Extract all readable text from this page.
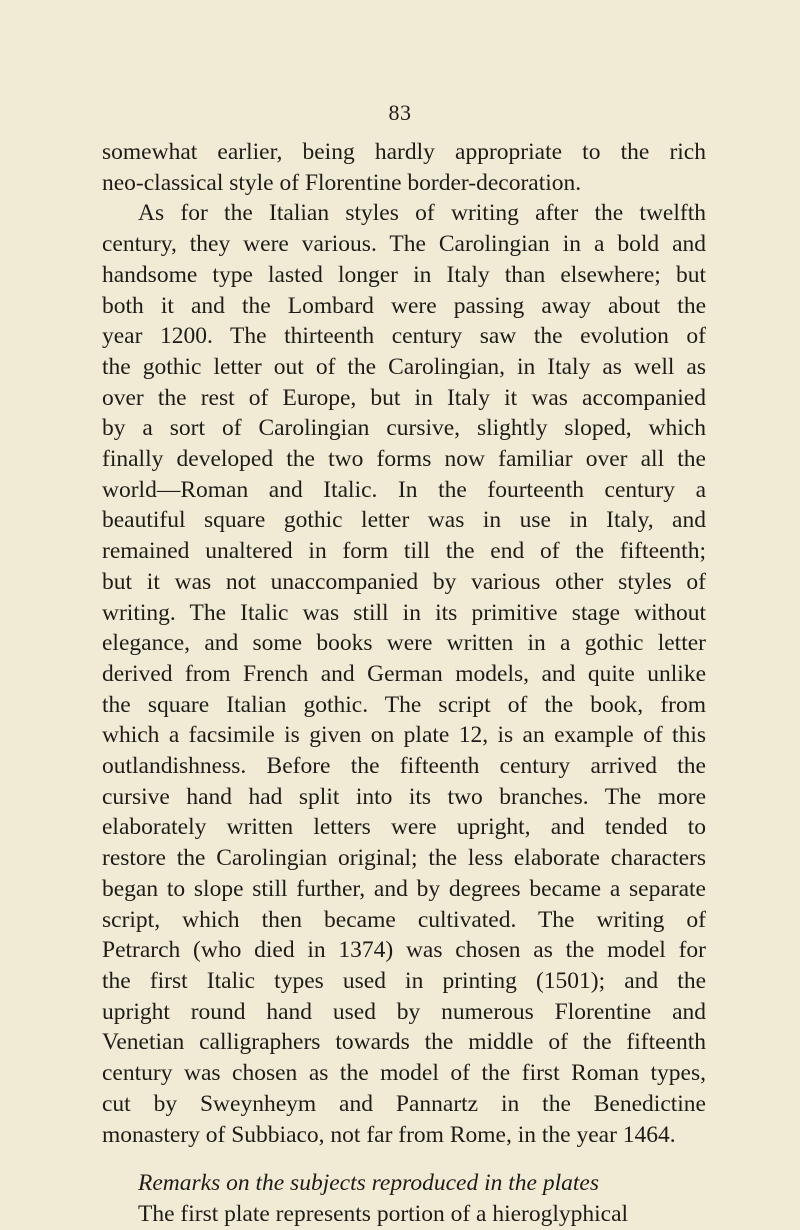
83
somewhat earlier, being hardly appropriate to the rich
neo-classical style of Florentine border-decoration.
As for the Italian styles of writing after the twelfth
century, they were various. The Carolingian in a bold and
handsome type lasted longer in Italy than elsewhere; but
both it and the Lombard were passing away about the
year 1200. The thirteenth century saw the evolution of
the gothic letter out of the Carolingian, in Italy as well as
over the rest of Europe, but in Italy it was accompanied
by a sort of Carolingian cursive, slightly sloped, which
finally developed the two forms now familiar over all the
world—Roman and Italic. In the fourteenth century a
beautiful square gothic letter was in use in Italy, and
remained unaltered in form till the end of the fifteenth;
but it was not unaccompanied by various other styles of
writing. The Italic was still in its primitive stage without
elegance, and some books were written in a gothic letter
derived from French and German models, and quite unlike
the square Italian gothic. The script of the book, from
which a facsimile is given on plate 12, is an example of this
outlandishness. Before the fifteenth century arrived the
cursive hand had split into its two branches. The more
elaborately written letters were upright, and tended to
restore the Carolingian original; the less elaborate characters
began to slope still further, and by degrees became a separate
script, which then became cultivated. The writing of
Petrarch (who died in 1374) was chosen as the model for
the first Italic types used in printing (1501); and the
upright round hand used by numerous Florentine and
Venetian calligraphers towards the middle of the fifteenth
century was chosen as the model of the first Roman types,
cut by Sweynheym and Pannartz in the Benedictine
monastery of Subbiaco, not far from Rome, in the year 1464.
Remarks on the subjects reproduced in the plates
The first plate represents portion of a hieroglyphical
